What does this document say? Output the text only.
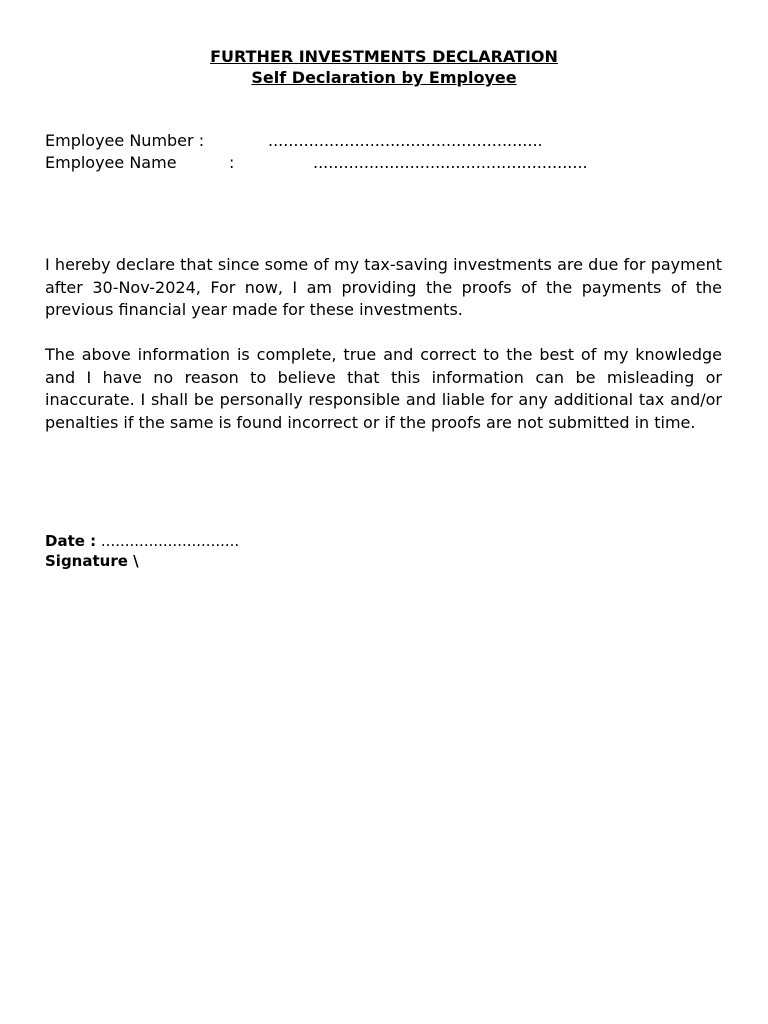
FURTHER INVESTMENTS DECLARATION

Self Declaration by Employee

Employee Number :	......................................................
Employee Name	:	......................................................

I hereby declare that since some of my tax-saving investments are due for payment after 30-Nov-2024, For now, I am providing the proofs of the payments of the previous financial year made for these investments.

The above information is complete, true and correct to the best of my knowledge and I have no reason to believe that this information can be misleading or inaccurate. I shall be personally responsible and liable for any additional tax and/or penalties if the same is found incorrect or if the proofs are not submitted in time.

Date : .............................
Signature \
